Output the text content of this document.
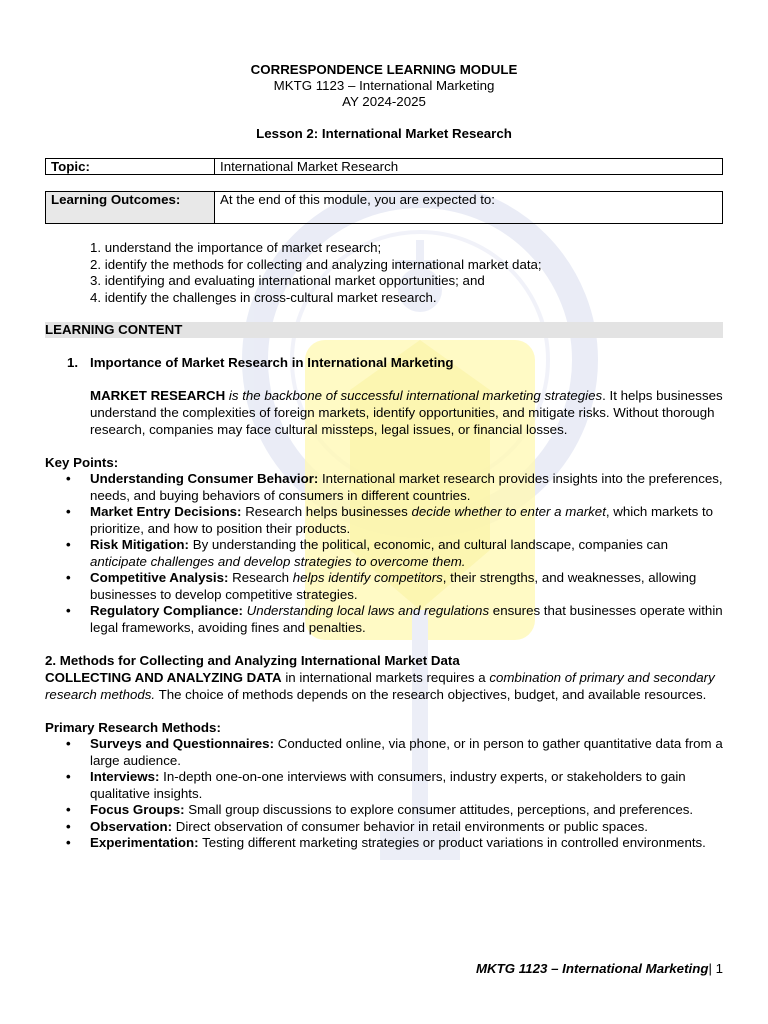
CORRESPONDENCE LEARNING MODULE
MKTG 1123 – International Marketing
AY 2024-2025
Lesson 2: International Market Research
Topic:	International Market Research
Learning Outcomes:	At the end of this module, you are expected to:
1. understand the importance of market research;
2. identify the methods for collecting and analyzing international market data;
3. identifying and evaluating international market opportunities; and
4. identify the challenges in cross-cultural market research.
LEARNING CONTENT
1. Importance of Market Research in International Marketing
MARKET RESEARCH is the backbone of successful international marketing strategies. It helps businesses understand the complexities of foreign markets, identify opportunities, and mitigate risks. Without thorough research, companies may face cultural missteps, legal issues, or financial losses.
Key Points:
• Understanding Consumer Behavior: International market research provides insights into the preferences, needs, and buying behaviors of consumers in different countries.
• Market Entry Decisions: Research helps businesses decide whether to enter a market, which markets to prioritize, and how to position their products.
• Risk Mitigation: By understanding the political, economic, and cultural landscape, companies can anticipate challenges and develop strategies to overcome them.
• Competitive Analysis: Research helps identify competitors, their strengths, and weaknesses, allowing businesses to develop competitive strategies.
• Regulatory Compliance: Understanding local laws and regulations ensures that businesses operate within legal frameworks, avoiding fines and penalties.
2. Methods for Collecting and Analyzing International Market Data
COLLECTING AND ANALYZING DATA in international markets requires a combination of primary and secondary research methods. The choice of methods depends on the research objectives, budget, and available resources.
Primary Research Methods:
• Surveys and Questionnaires: Conducted online, via phone, or in person to gather quantitative data from a large audience.
• Interviews: In-depth one-on-one interviews with consumers, industry experts, or stakeholders to gain qualitative insights.
• Focus Groups: Small group discussions to explore consumer attitudes, perceptions, and preferences.
• Observation: Direct observation of consumer behavior in retail environments or public spaces.
• Experimentation: Testing different marketing strategies or product variations in controlled environments.
MKTG 1123 – International Marketing| 1
